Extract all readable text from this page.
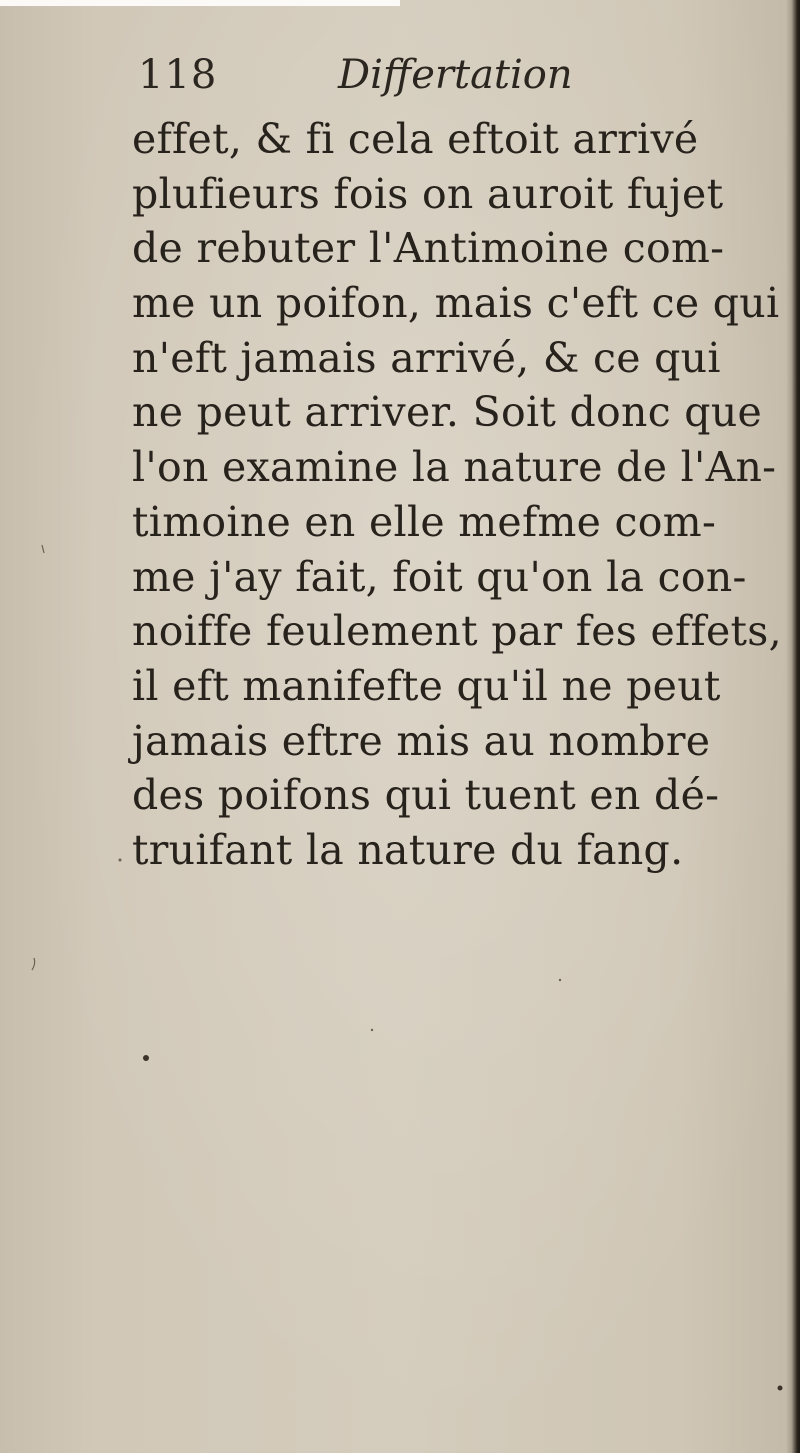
118	Differtation
effet, & fi cela eftoit arrivé
plufieurs fois on auroit fujet
de rebuter l'Antimoine com-
me un poifon, mais c'eft ce qui
n'eft jamais arrivé, & ce qui
ne peut arriver. Soit donc que
l'on examine la nature de l'An-
timoine en elle mefme com-
me j'ay fait, foit qu'on la con-
noiffe feulement par fes effets,
il eft manifefte qu'il ne peut
jamais eftre mis au nombre
des poifons qui tuent en dé-
truifant la nature du fang.
